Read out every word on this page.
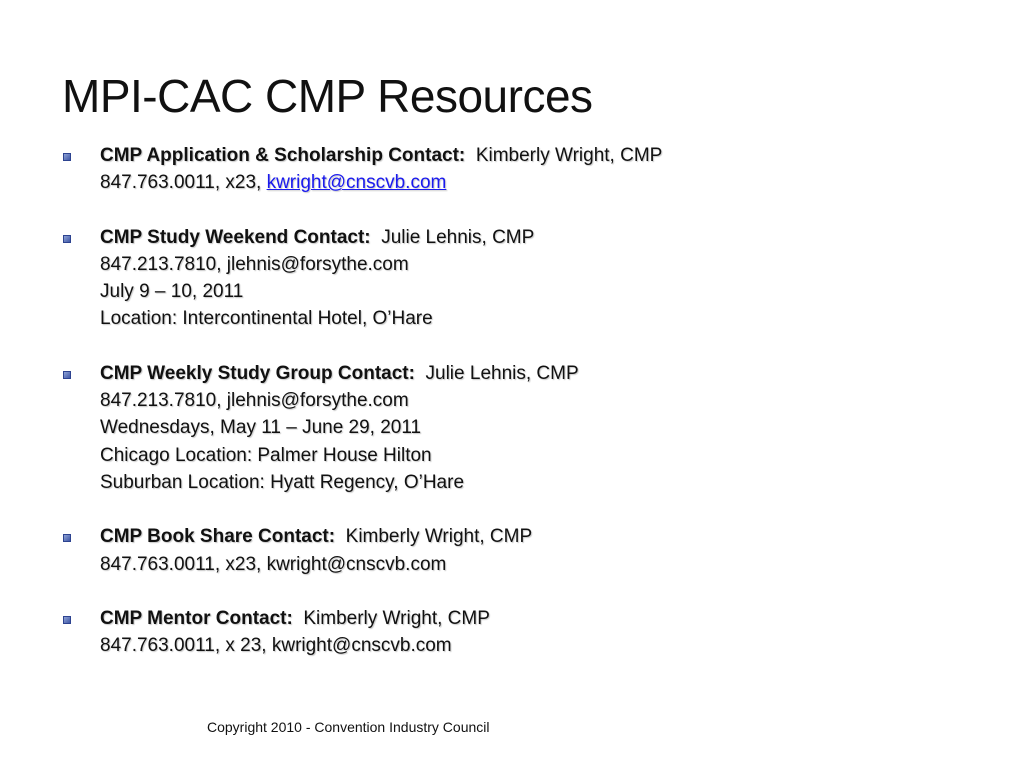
MPI-CAC CMP Resources
CMP Application & Scholarship Contact: Kimberly Wright, CMP
847.763.0011, x23, kwright@cnscvb.com
CMP Study Weekend Contact: Julie Lehnis, CMP
847.213.7810, jlehnis@forsythe.com
July 9 – 10, 2011
Location: Intercontinental Hotel, O’Hare
CMP Weekly Study Group Contact: Julie Lehnis, CMP
847.213.7810, jlehnis@forsythe.com
Wednesdays, May 11 – June 29, 2011
Chicago Location: Palmer House Hilton
Suburban Location: Hyatt Regency, O’Hare
CMP Book Share Contact: Kimberly Wright, CMP
847.763.0011, x23, kwright@cnscvb.com
CMP Mentor Contact: Kimberly Wright, CMP
847.763.0011, x 23, kwright@cnscvb.com
Copyright 2010 - Convention Industry Council
